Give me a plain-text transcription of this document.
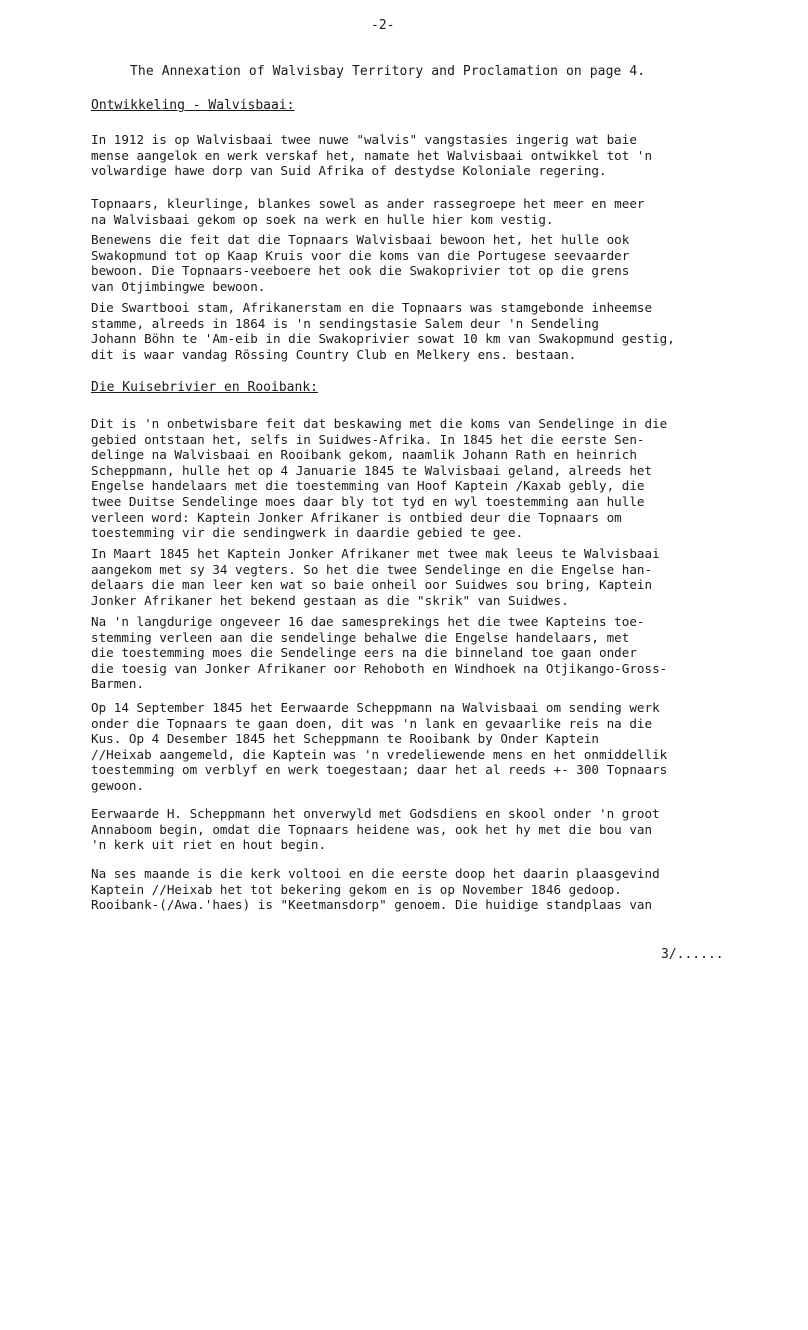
-2-
The Annexation of Walvisbay Territory and Proclamation on page 4.
Ontwikkeling - Walvisbaai:
In 1912 is op Walvisbaai twee nuwe "walvis" vangstasies ingerig wat baie
mense aangelok en werk verskaf het, namate het Walvisbaai ontwikkel tot 'n
volwardige hawe dorp van Suid Afrika of destydse Koloniale regering.
Topnaars, kleurlinge, blankes sowel as ander rassegroepe het meer en meer
na Walvisbaai gekom op soek na werk en hulle hier kom vestig.
Benewens die feit dat die Topnaars Walvisbaai bewoon het, het hulle ook
Swakopmund tot op Kaap Kruis voor die koms van die Portugese seevaarder
bewoon. Die Topnaars-veeboere het ook die Swakoprivier tot op die grens
van Otjimbingwe bewoon.
Die Swartbooi stam, Afrikanerstam en die Topnaars was stamgebonde inheemse
stamme, alreeds in 1864 is 'n sendingstasie Salem deur 'n Sendeling
Johann Böhn te 'Am-eib in die Swakoprivier sowat 10 km van Swakopmund gestig,
dit is waar vandag Rössing Country Club en Melkery ens. bestaan.
Die Kuisebrivier en Rooibank:
Dit is 'n onbetwisbare feit dat beskawing met die koms van Sendelinge in die
gebied ontstaan het, selfs in Suidwes-Afrika. In 1845 het die eerste Sen-
delinge na Walvisbaai en Rooibank gekom, naamlik Johann Rath en heinrich
Scheppmann, hulle het op 4 Januarie 1845 te Walvisbaai geland, alreeds het
Engelse handelaars met die toestemming van Hoof Kaptein /Kaxab gebly, die
twee Duitse Sendelinge moes daar bly tot tyd en wyl toestemming aan hulle
verleen word: Kaptein Jonker Afrikaner is ontbied deur die Topnaars om
toestemming vir die sendingwerk in daardie gebied te gee.
In Maart 1845 het Kaptein Jonker Afrikaner met twee mak leeus te Walvisbaai
aangekom met sy 34 vegters. So het die twee Sendelinge en die Engelse han-
delaars die man leer ken wat so baie onheil oor Suidwes sou bring, Kaptein
Jonker Afrikaner het bekend gestaan as die "skrik" van Suidwes.
Na 'n langdurige ongeveer 16 dae samesprekings het die twee Kapteins toe-
stemming verleen aan die sendelinge behalwe die Engelse handelaars, met
die toestemming moes die Sendelinge eers na die binneland toe gaan onder
die toesig van Jonker Afrikaner oor Rehoboth en Windhoek na Otjikango-Gross-
Barmen.
Op 14 September 1845 het Eerwaarde Scheppmann na Walvisbaai om sending werk
onder die Topnaars te gaan doen, dit was 'n lank en gevaarlike reis na die
Kus. Op 4 Desember 1845 het Scheppmann te Rooibank by Onder Kaptein
//Heixab aangemeld, die Kaptein was 'n vredeliewende mens en het onmiddellik
toestemming om verblyf en werk toegestaan; daar het al reeds +- 300 Topnaars
gewoon.
Eerwaarde H. Scheppmann het onverwyld met Godsdiens en skool onder 'n groot
Annaboom begin, omdat die Topnaars heidene was, ook het hy met die bou van
'n kerk uit riet en hout begin.
Na ses maande is die kerk voltooi en die eerste doop het daarin plaasgevind
Kaptein //Heixab het tot bekering gekom en is op November 1846 gedoop.
Rooibank-(/Awa.'haes) is "Keetmansdorp" genoem. Die huidige standplaas van
3/......
